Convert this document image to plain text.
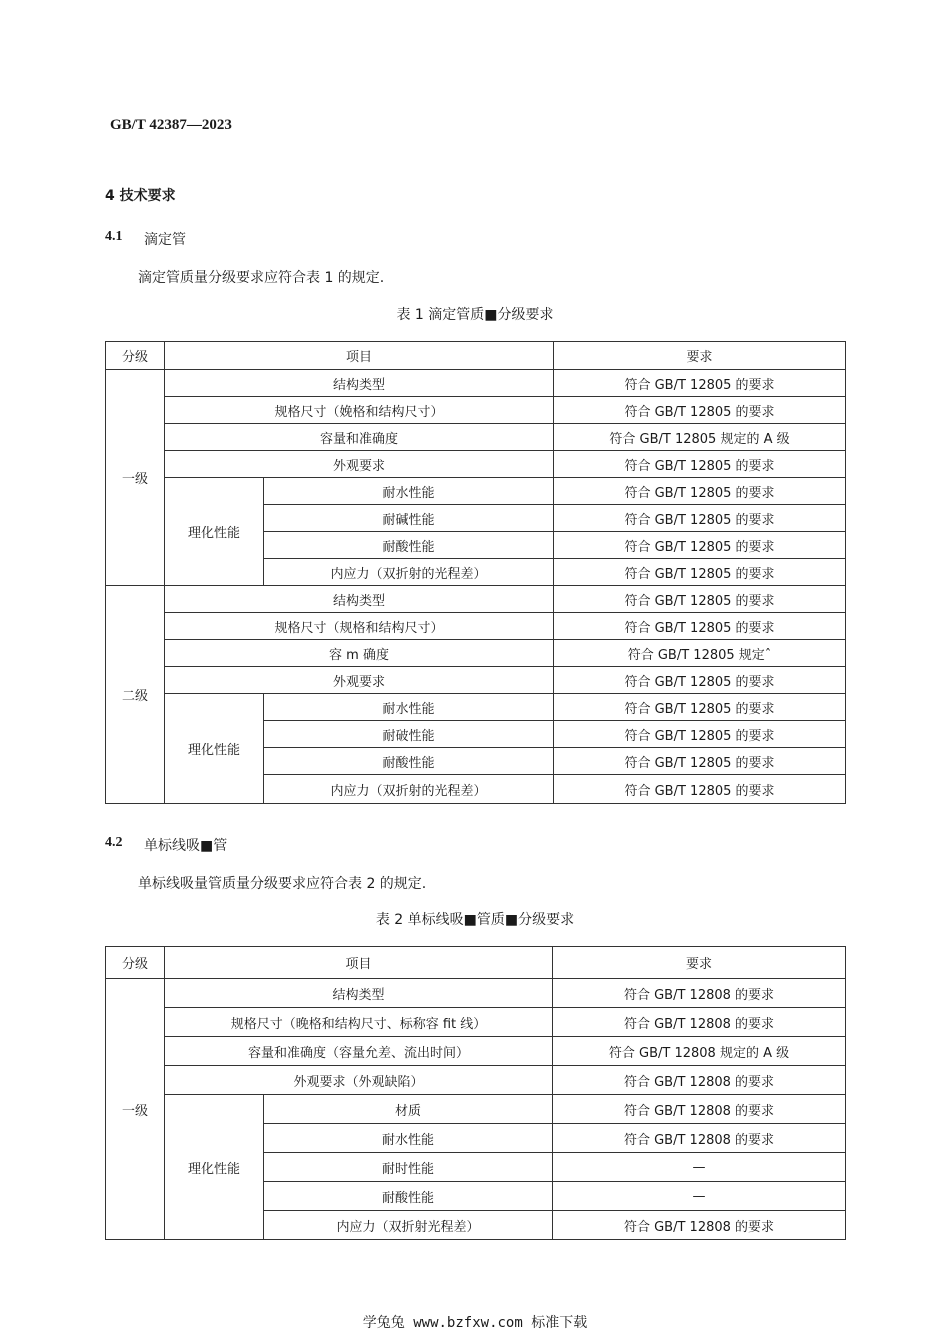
GB/T 42387—2023
4 技术要求
4.1 滴定管
滴定管质量分级要求应符合表 1 的规定.
表 1 滴定管质■分级要求
分级	项目		要求
一级	结构类型		符合 GB/T 12805 的要求
	规格尺寸（娩格和结构尺寸）		符合 GB/T 12805 的要求
	容量和准确度		符合 GB/T 12805 规定的 A 级
	外观要求		符合 GB/T 12805 的要求
	理化性能	耐水性能	符合 GB/T 12805 的要求
		耐碱性能	符合 GB/T 12805 的要求
		耐酸性能	符合 GB/T 12805 的要求
		内应力（双折射的光程差）	符合 GB/T 12805 的要求
二级	结构类型		符合 GB/T 12805 的要求
	规格尺寸（规格和结构尺寸）		符合 GB/T 12805 的要求
	容 m 确度		符合 GB/T 12805 规定ˆ
	外观要求		符合 GB/T 12805 的要求
	理化性能	耐水性能	符合 GB/T 12805 的要求
		耐破性能	符合 GB/T 12805 的要求
		耐酸性能	符合 GB/T 12805 的要求
		内应力（双折射的光程差）	符合 GB/T 12805 的要求
4.2 单标线吸■管
单标线吸量管质量分级要求应符合表 2 的规定.
表 2 单标线吸■管质■分级要求
分级	项目		要求
一级	结构类型		符合 GB/T 12808 的要求
	规格尺寸（晚格和结构尺寸、标称容 fit 线）		符合 GB/T 12808 的要求
	容量和准确度（容量允差、流出时间）		符合 GB/T 12808 规定的 A 级
	外观要求（外观缺陷）		符合 GB/T 12808 的要求
	理化性能	材质	符合 GB/T 12808 的要求
		耐水性能	符合 GB/T 12808 的要求
		耐时性能	—
		耐酸性能	—
		内应力（双折射光程差）	符合 GB/T 12808 的要求
学兔兔 www.bzfxw.com 标准下载
